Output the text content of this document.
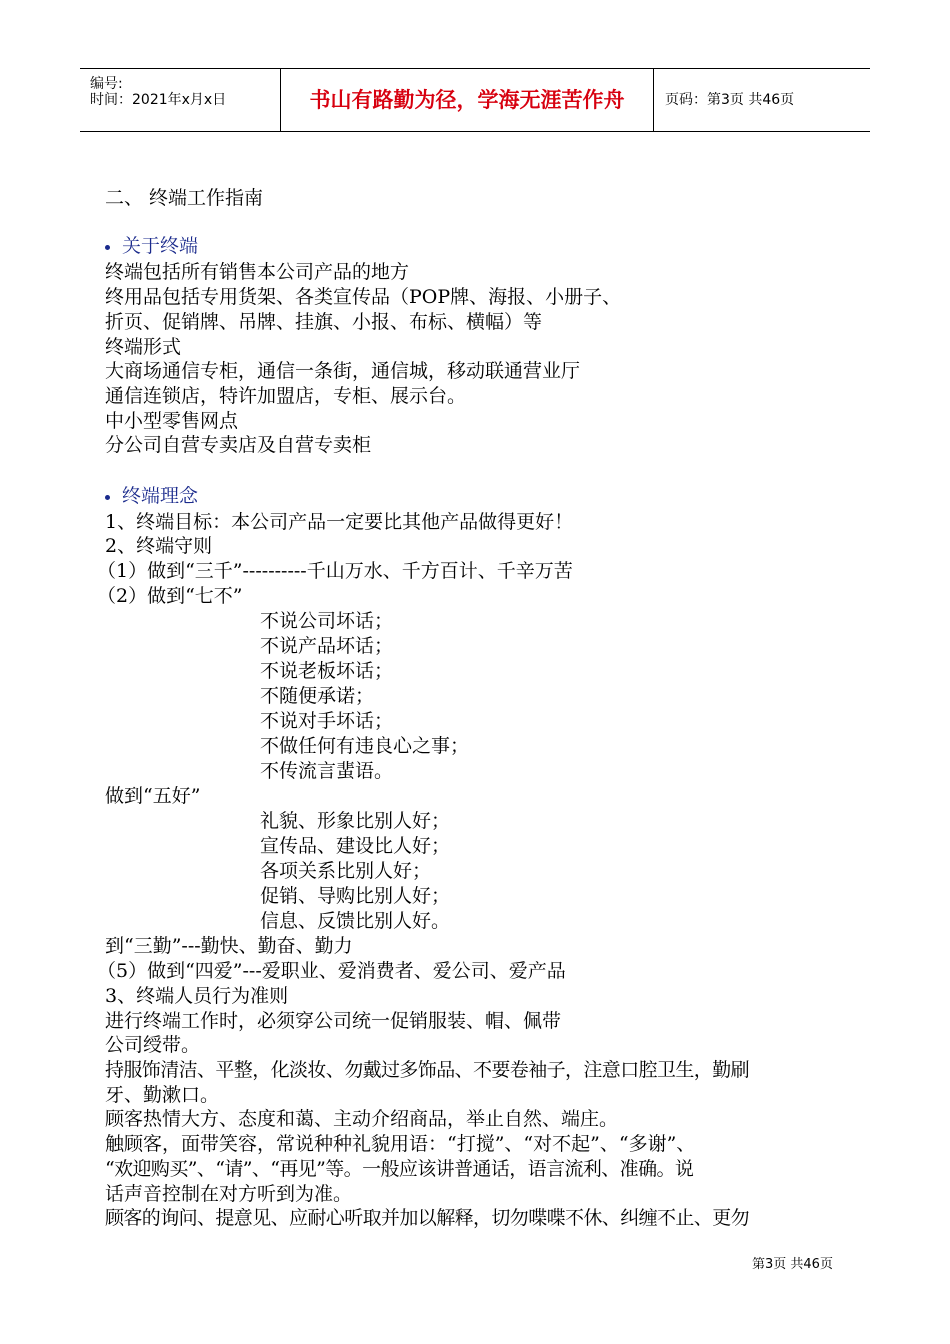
编号:
时间：2021年x月x日	书山有路勤为径，学海无涯苦作舟	页码：第3页 共46页
二、 终端工作指南
关于终端
终端包括所有销售本公司产品的地方
终用品包括专用货架、各类宣传品（POP牌、海报、小册子、
折页、促销牌、吊牌、挂旗、小报、布标、横幅）等
终端形式
大商场通信专柜，通信一条街，通信城，移动联通营业厅
通信连锁店，特许加盟店，专柜、展示台。
中小型零售网点
分公司自营专卖店及自营专卖柜
终端理念
1、终端目标：本公司产品一定要比其他产品做得更好！
2、终端守则
（1）做到“三千”----------千山万水、千方百计、千辛万苦
（2）做到“七不”
不说公司坏话；
不说产品坏话；
不说老板坏话；
不随便承诺；
不说对手坏话；
不做任何有违良心之事；
不传流言蜚语。
做到“五好”
礼貌、形象比别人好；
宣传品、建设比人好；
各项关系比别人好；
促销、导购比别人好；
信息、反馈比别人好。
到“三勤”---勤快、勤奋、勤力
（5）做到“四爱”---爱职业、爱消费者、爱公司、爱产品
3、终端人员行为准则
进行终端工作时，必须穿公司统一促销服装、帽、佩带
公司绶带。
持服饰清洁、平整，化淡妆、勿戴过多饰品、不要卷袖子，注意口腔卫生，勤刷
牙、勤漱口。
顾客热情大方、态度和蔼、主动介绍商品，举止自然、端庄。
触顾客，面带笑容，常说种种礼貌用语：“打搅”、“对不起”、“多谢”、
“欢迎购买”、“请”、“再见”等。一般应该讲普通话，语言流利、准确。说
话声音控制在对方听到为准。
顾客的询问、提意见、应耐心听取并加以解释，切勿喋喋不休、纠缠不止、更勿
第3页 共46页
